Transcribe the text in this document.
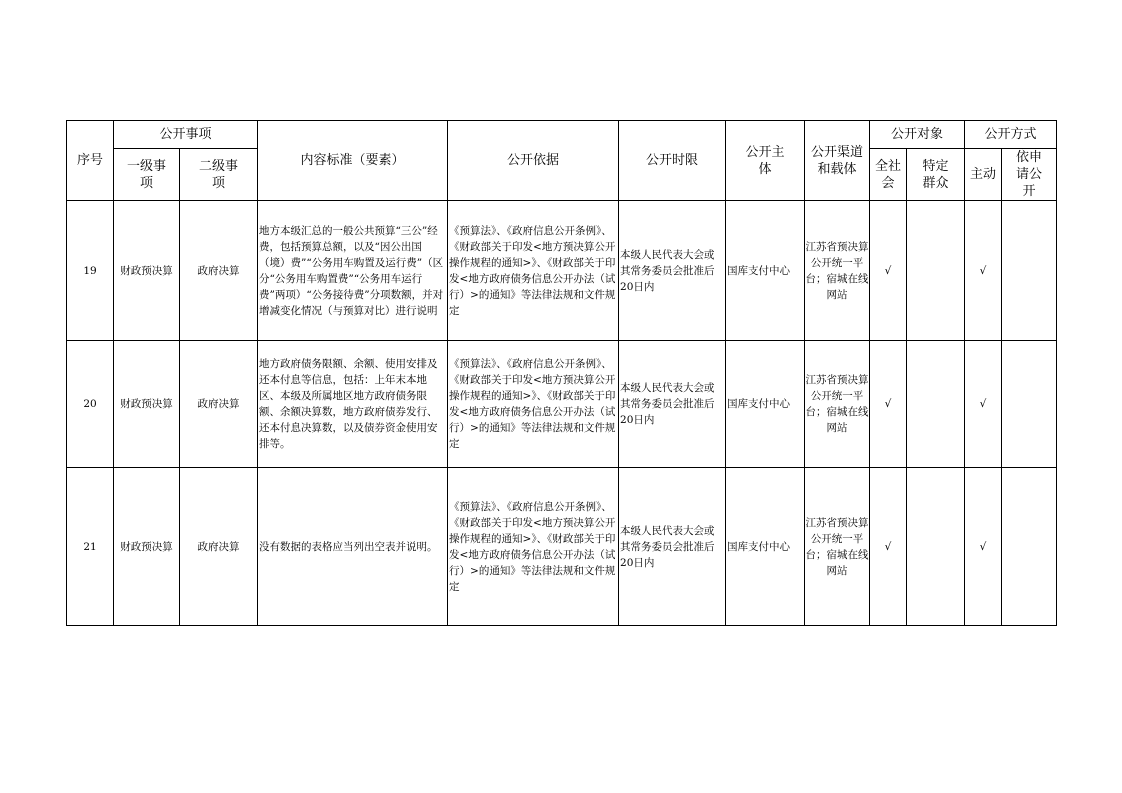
序号	公开事项		内容标准（要素）	公开依据	公开时限	公开主体	公开渠道和载体	公开对象		公开方式	
	一级事项	二级事项						全社会	特定群众	主动	依申请公开
19	财政预决算	政府决算	地方本级汇总的一般公共预算“三公”经费，包括预算总额，以及“因公出国（境）费”“公务用车购置及运行费”（区分“公务用车购置费”“公务用车运行费”两项）“公务接待费”分项数额，并对增减变化情况（与预算对比）进行说明	《预算法》、《政府信息公开条例》、《财政部关于印发<地方预决算公开操作规程的通知>》、《财政部关于印发<地方政府债务信息公开办法（试行）>的通知》等法律法规和文件规定	本级人民代表大会或其常务委员会批准后20日内	国库支付中心	江苏省预决算公开统一平台；宿城在线网站	√		√	
20	财政预决算	政府决算	地方政府债务限额、余额、使用安排及还本付息等信息，包括：上年末本地区、本级及所属地区地方政府债务限额、余额决算数，地方政府债券发行、还本付息决算数，以及债券资金使用安排等。	《预算法》、《政府信息公开条例》、《财政部关于印发<地方预决算公开操作规程的通知>》、《财政部关于印发<地方政府债务信息公开办法（试行）>的通知》等法律法规和文件规定	本级人民代表大会或其常务委员会批准后20日内	国库支付中心	江苏省预决算公开统一平台；宿城在线网站	√		√	
21	财政预决算	政府决算	没有数据的表格应当列出空表并说明。	《预算法》、《政府信息公开条例》、《财政部关于印发<地方预决算公开操作规程的通知>》、《财政部关于印发<地方政府债务信息公开办法（试行）>的通知》等法律法规和文件规定	本级人民代表大会或其常务委员会批准后20日内	国库支付中心	江苏省预决算公开统一平台；宿城在线网站	√		√	
